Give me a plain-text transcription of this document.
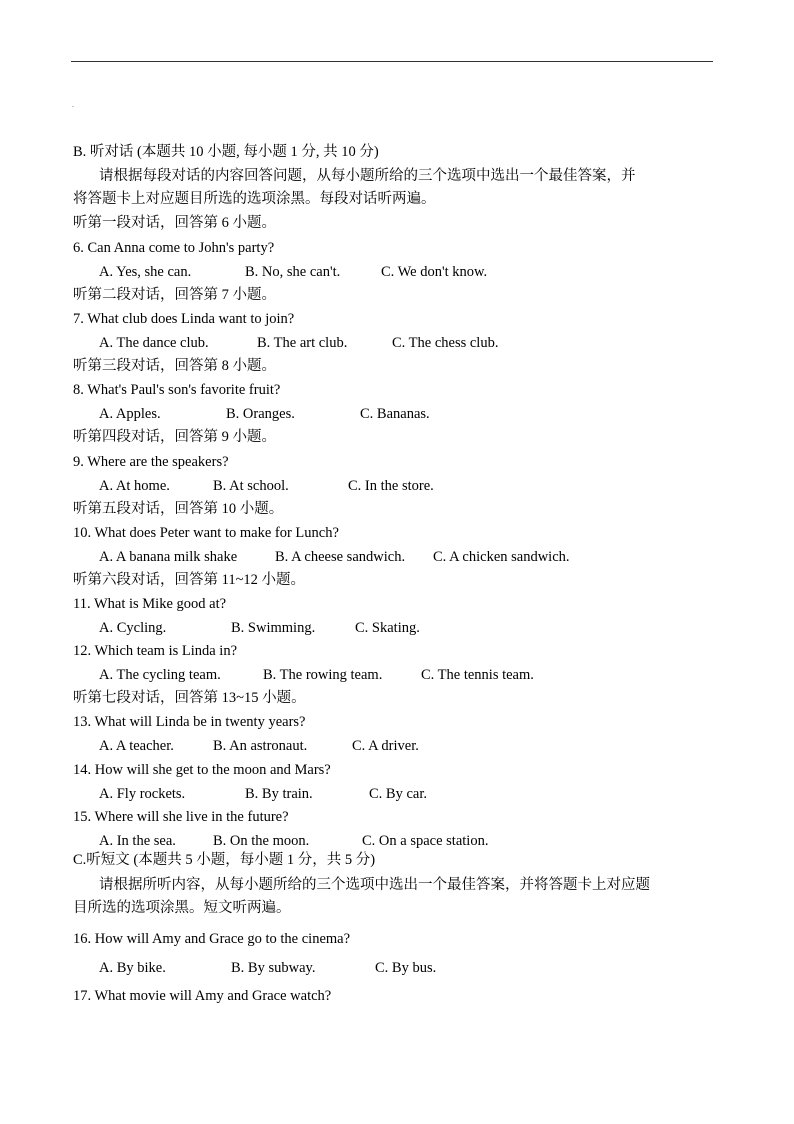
.
B. 听对话 (本题共 10 小题, 每小题 1 分, 共 10 分)
请根据每段对话的内容回答问题，从每小题所给的三个选项中选出一个最佳答案，并
将答题卡上对应题目所选的选项涂黑。每段对话听两遍。
听第一段对话，回答第 6 小题。
6. Can Anna come to John's party?
A. Yes, she can.	B. No, she can't.	C. We don't know.
听第二段对话，回答第 7 小题。
7. What club does Linda want to join?
A. The dance club.	B. The art club.	C. The chess club.
听第三段对话，回答第 8 小题。
8. What's Paul's son's favorite fruit?
A. Apples.	B. Oranges.	C. Bananas.
听第四段对话，回答第 9 小题。
9. Where are the speakers?
A. At home.	B. At school.	C. In the store.
听第五段对话，回答第 10 小题。
10. What does Peter want to make for Lunch?
A. A banana milk shake	B. A cheese sandwich. C. A chicken sandwich.
听第六段对话，回答第 11~12 小题。
11. What is Mike good at?
A. Cycling.	B. Swimming.	C. Skating.
12. Which team is Linda in?
A. The cycling team.	B. The rowing team.	C. The tennis team.
听第七段对话，回答第 13~15 小题。
13. What will Linda be in twenty years?
A. A teacher.	B. An astronaut.	C. A driver.
14. How will she get to the moon and Mars?
A. Fly rockets.	B. By train.	C. By car.
15. Where will she live in the future?
A. In the sea.	B. On the moon.	C. On a space station.
C.听短文 (本题共 5 小题，每小题 1 分，共 5 分)
请根据所听内容，从每小题所给的三个选项中选出一个最佳答案，并将答题卡上对应题
目所选的选项涂黑。短文听两遍。
16. How will Amy and Grace go to the cinema?
A. By bike.	B. By subway.	C. By bus.
17. What movie will Amy and Grace watch?
